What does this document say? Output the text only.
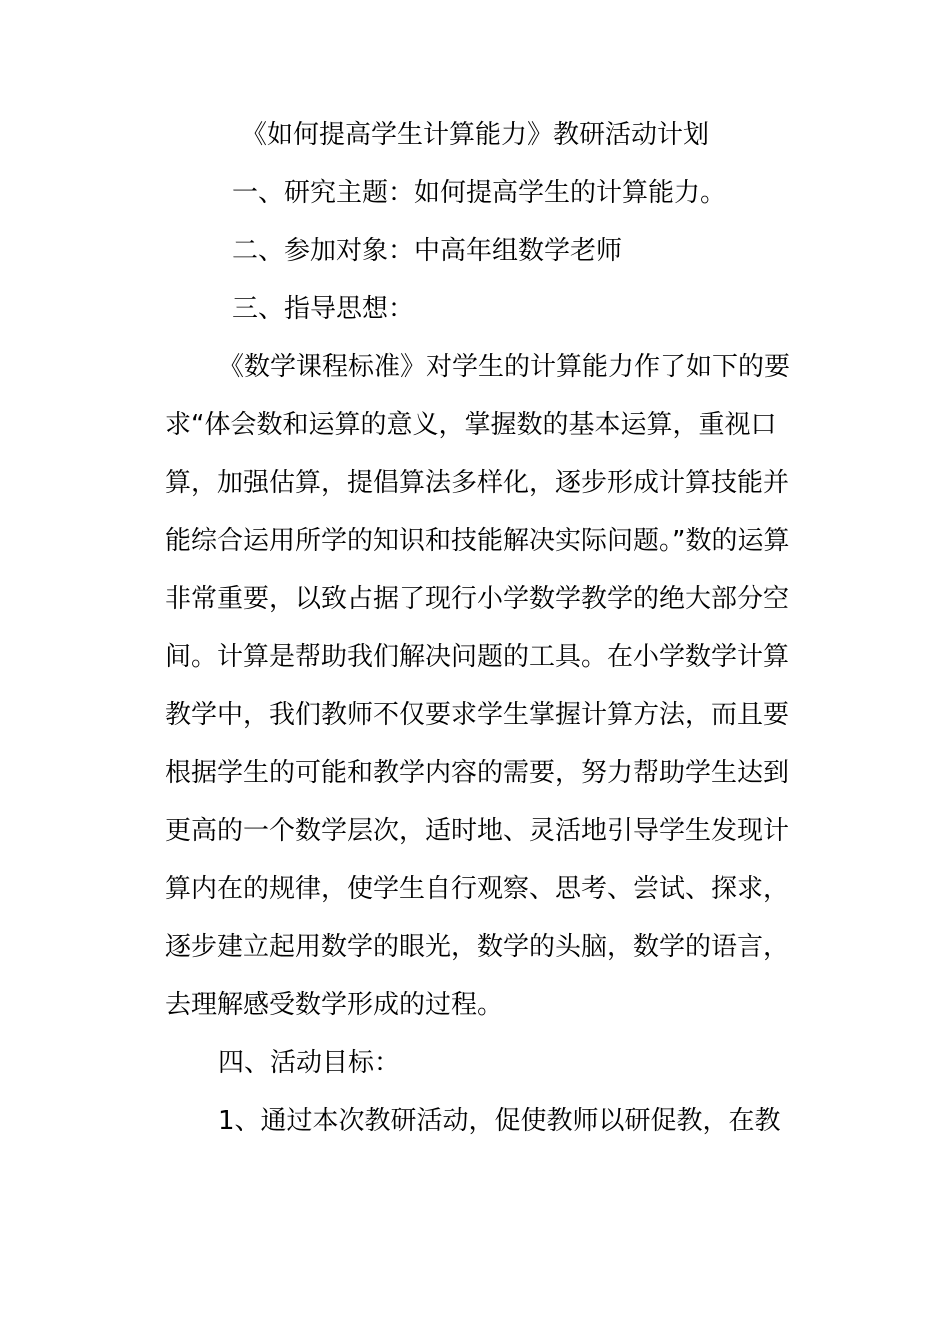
《如何提高学生计算能力》教研活动计划
一、研究主题：如何提高学生的计算能力。
二、参加对象：中高年组数学老师
三、指导思想：
《数学课程标准》对学生的计算能力作了如下的要
求“体会数和运算的意义，掌握数的基本运算，重视口
算，加强估算，提倡算法多样化，逐步形成计算技能并
能综合运用所学的知识和技能解决实际问题。”数的运算
非常重要，以致占据了现行小学数学教学的绝大部分空
间。计算是帮助我们解决问题的工具。在小学数学计算
教学中，我们教师不仅要求学生掌握计算方法，而且要
根据学生的可能和教学内容的需要，努力帮助学生达到
更高的一个数学层次，适时地、灵活地引导学生发现计
算内在的规律，使学生自行观察、思考、尝试、探求，
逐步建立起用数学的眼光，数学的头脑，数学的语言，
去理解感受数学形成的过程。
四、活动目标：
1、通过本次教研活动，促使教师以研促教，在教
